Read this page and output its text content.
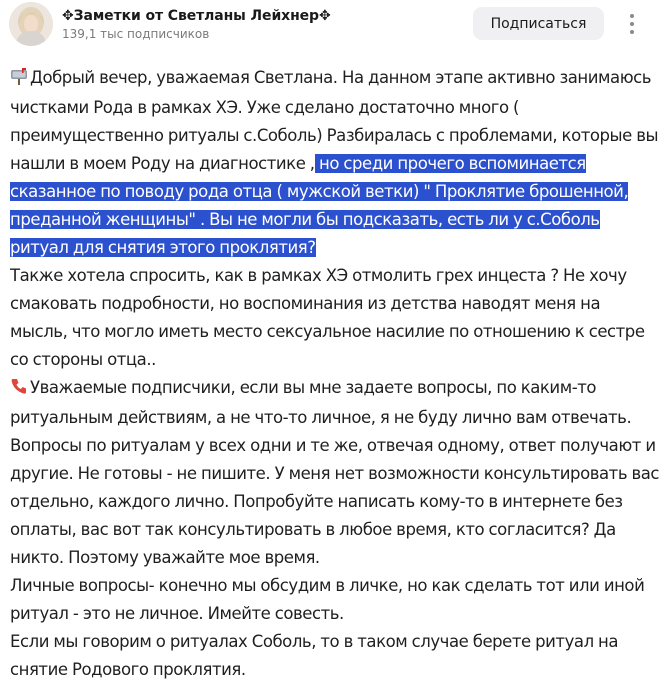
✥Заметки от Светланы Лейхнер✥
139,1 тыс подписчиков
Подписаться

Добрый вечер, уважаемая Светлана. На данном этапе активно занимаюсь чистками Рода в рамках ХЭ. Уже сделано достаточно много ( преимущественно ритуалы с.Соболь) Разбиралась с проблемами, которые вы нашли в моем Роду на диагностике , но среди прочего вспоминается сказанное по поводу рода отца ( мужской ветки) " Проклятие брошенной, преданной женщины" . Вы не могли бы подсказать, есть ли у с.Соболь ритуал для снятия этого проклятия?
Также хотела спросить, как в рамках ХЭ отмолить грех инцеста ? Не хочу смаковать подробности, но воспоминания из детства наводят меня на мысль, что могло иметь место сексуальное насилие по отношению к сестре со стороны отца..

Уважаемые подписчики, если вы мне задаете вопросы, по каким-то ритуальным действиям, а не что-то личное, я не буду лично вам отвечать. Вопросы по ритуалам у всех одни и те же, отвечая одному, ответ получают и другие. Не готовы - не пишите. У меня нет возможности консультировать вас отдельно, каждого лично. Попробуйте написать кому-то в интернете без оплаты, вас вот так консультировать в любое время, кто согласится? Да никто. Поэтому уважайте мое время.

Личные вопросы- конечно мы обсудим в личке, но как сделать тот или иной ритуал - это не личное. Имейте совесть.

Если мы говорим о ритуалах Соболь, то в таком случае берете ритуал на снятие Родового проклятия.
